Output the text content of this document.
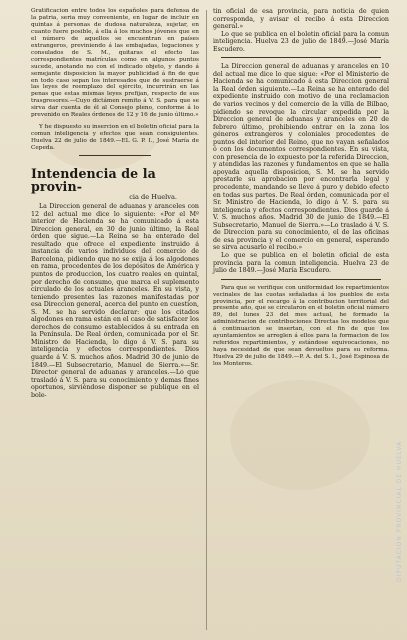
Gratificacion entre todos los españoles para defensa de la patria, seria muy conveniente, en lugar de incluir en quintas á personas de dudosa naturaleza, sujetar, en cuanto fuere posible, á ella á los muchos jóvenes que en el número de aquellos se encuentran en países extrangeros, previniendo á las embajadas, legaciones y consulados de S. M., quitaras el efecto las correspondientes matrículas como en algunos puntos sucede, anotando no con el indicado objeto, y dando á semejante disposicion la mayor publicidad á fin de que en todo caso sepan los interesados que de sustraerse á las leyes de reemplazo del ejército, incurrirán en las penas que estas mismas leyes prefijan, respecto de sus trasgresores.—Cuyo dictámen remito á V. S. para que se sirva dar cuenta de él al Consejo pleno, conforme á lo prevenido en Reales órdenes de 12 y 16 de junio último.»

Y he dispuesto su insercion en el boletin oficial para la comun inteligencia y efectos que sean consiguientes. Huelva 22 de julio de 1849.—EL G. P. I., José María de Cepeda.

Intendencia de la provin-

cia de Huelva.

La Direccion general de aduanas y aranceles con 12 del actual me dice lo siguiente: «Por el Mº interior de Hacienda se ha comunicado á esta Direccion general, en 30 de junio último, la Real órden que sigue.—La Reina se ha enterado del resultado que ofrece el expediente instruido á instancia de varios individuos del comercio de Barcelona, pidiendo que no se exija á los algodones en rama, procedentes de los depósitos de América y puntos de produccion, los cuatro reales en quintal, por derecho de consumo, que marca el suplemento circulado de los actuales aranceles. En su vista, y teniendo presentes las razones manifestadas por esa Direccion general, acerca del punto en cuestion, S. M. se ha servido declarar: que los citados algodones en rama están en el caso de satisfacer los derechos de consumo establecidos á su entrada en la Península. De Real órden, comunicada por el Sr. Ministro de Hacienda, lo digo á V. S. para su inteligencia y efectos correspondientes. Dios guarde á V. S. muchos años. Madrid 30 de junio de 1849.—El Subsecretario, Manuel de Sierra.»—Sr. Director general de aduanas y aranceles.—Lo que trasladó á V. S. para su conocimiento y demas fines oportunos, sirviéndose disponer se publique en el bole-

tin oficial de esa provincia, para noticia de quien corresponda, y avisar el recibo á esta Direccion general.»

Lo que se publica en el boletin oficial para la comun inteligencia. Huelva 23 de julio de 1849.—José María Escudero.

La Direccion general de aduanas y aranceles en 10 del actual me dice lo que sigue: «Por el Ministerio de Hacienda se ha comunicado á esta Direccion general la Real órden siguiente.—La Reina se ha enterado del expediente instruido con motivo de una reclamacion de varios vecinos y del comercio de la villa de Bilbao, pidiendo se revoque la circular expedida por la Direccion general de aduanas y aranceles en 20 de febrero último, prohibiendo entrar en la zona los géneros extrangeros y coloniales procedentes de puntos del interior del Reino, que no vayan señalados ó con los documentos correspondientes. En su vista, con presencia de lo expuesto por la referida Direccion, y atendidas las razones y fundamentos en que se halla apoyada aquella disposicion, S. M. se ha servido prestarle su aprobacion por encontrarla legal y procedente, mandando se lleve á puro y debido efecto en todas sus partes. De Real órden, comunicada por el Sr. Ministro de Hacienda, lo digo á V. S. para su inteligencia y efectos correspondientes. Dios guarde á V. S. muchos años. Madrid 30 de junio de 1849.—El Subsecretario, Manuel de Sierra.»—Lo traslado á V. S. de Direccion para su conocimiento, el de las oficinas de esa provincia y el comercio en general, esperando se sirva acusarlo el recibo.»

Lo que se publica en el boletin oficial de esta provincia para la comun inteligencia. Huelva 23 de julio de 1849.—José María Escudero.

Para que se verifique con uniformidad los repartimientos vecinales de las cuotas señaladas á los pueblos de esta provincia, por el recargo á la contribucion territorial del presente año, que se circularon en el boletin oficial número 89, del lunes 23 del mes actual, he formado la administracion de contribuciones Directas los modelos que á continuacion se insertan, con el fin de que los ayuntamientos se arreglen á ellos para la formacion de los referidos repartimientos, y estándose equivocaciones, no haya necesidad de que sean devueltos para su reforma. Huelva 29 de julio de 1849.—P. A. del S. I., José Espinosa de los Monteros.

DIPUTACIÓN PROVINCIAL DE HUELVA
